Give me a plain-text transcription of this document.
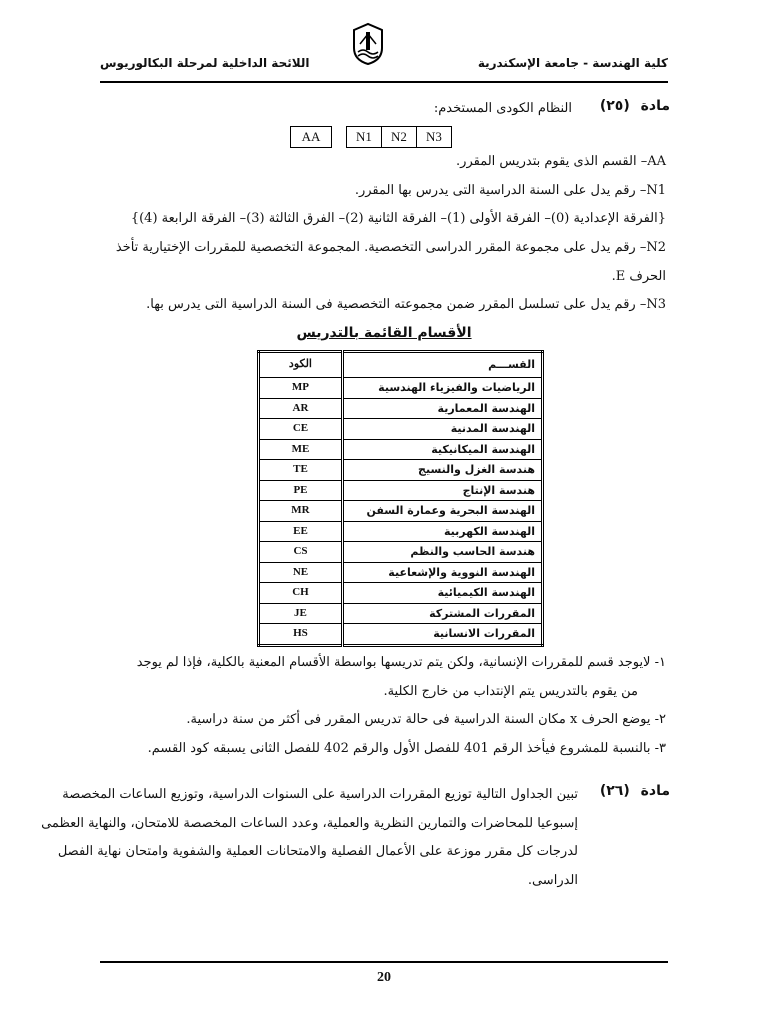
كلية الهندسة - جامعة الإسكندرية
اللائحة الداخلية لمرحلة البكالوريوس
مادة (٢٥)
النظام الكودى المستخدم:
AA	N1	N2	N3
AA– القسم الذى يقوم بتدريس المقرر.
N1– رقم يدل على السنة الدراسية التى يدرس بها المقرر.
{الفرقة الإعدادية (0)– الفرقة الأولى (1)– الفرقة الثانية (2)– الفرق الثالثة (3)– الفرقة الرابعة (4)}
N2– رقم يدل على مجموعة المقرر الدراسى التخصصية. المجموعة التخصصية للمقررات الإختيارية تأخذ
الحرف E.
N3– رقم يدل على تسلسل المقرر ضمن مجموعته التخصصية فى السنة الدراسية التى يدرس بها.
الأقسام القائمة بالتدريس
القســـم	الكود
الرياضيات والفيزياء الهندسية	MP
الهندسة المعمارية	AR
الهندسة المدنية	CE
الهندسة الميكانيكية	ME
هندسة الغزل والنسيج	TE
هندسة الإنتاج	PE
الهندسة البحرية وعمارة السفن	MR
الهندسة الكهربية	EE
هندسة الحاسب والنظم	CS
الهندسة النووية والإشعاعية	NE
الهندسة الكيميائية	CH
المقررات المشتركة	JE
المقررات الانسانية	HS
١- لايوجد قسم للمقررات الإنسانية، ولكن يتم تدريسها بواسطة الأقسام المعنية بالكلية، فإذا لم يوجد
من يقوم بالتدريس يتم الإنتداب من خارج الكلية.
٢- يوضع الحرف x مكان السنة الدراسية فى حالة تدريس المقرر فى أكثر من سنة دراسية.
٣- بالنسبة للمشروع فيأخذ الرقم 401 للفصل الأول والرقم 402 للفصل الثانى يسبقه كود القسم.
مادة (٢٦)
تبين الجداول التالية توزيع المقررات الدراسية على السنوات الدراسية، وتوزيع الساعات المخصصة
إسبوعيا للمحاضرات والتمارين النظرية والعملية، وعدد الساعات المخصصة للامتحان، والنهاية العظمى
لدرجات كل مقرر موزعة على الأعمال الفصلية والامتحانات العملية والشفوية وامتحان نهاية الفصل
الدراسى.
20
